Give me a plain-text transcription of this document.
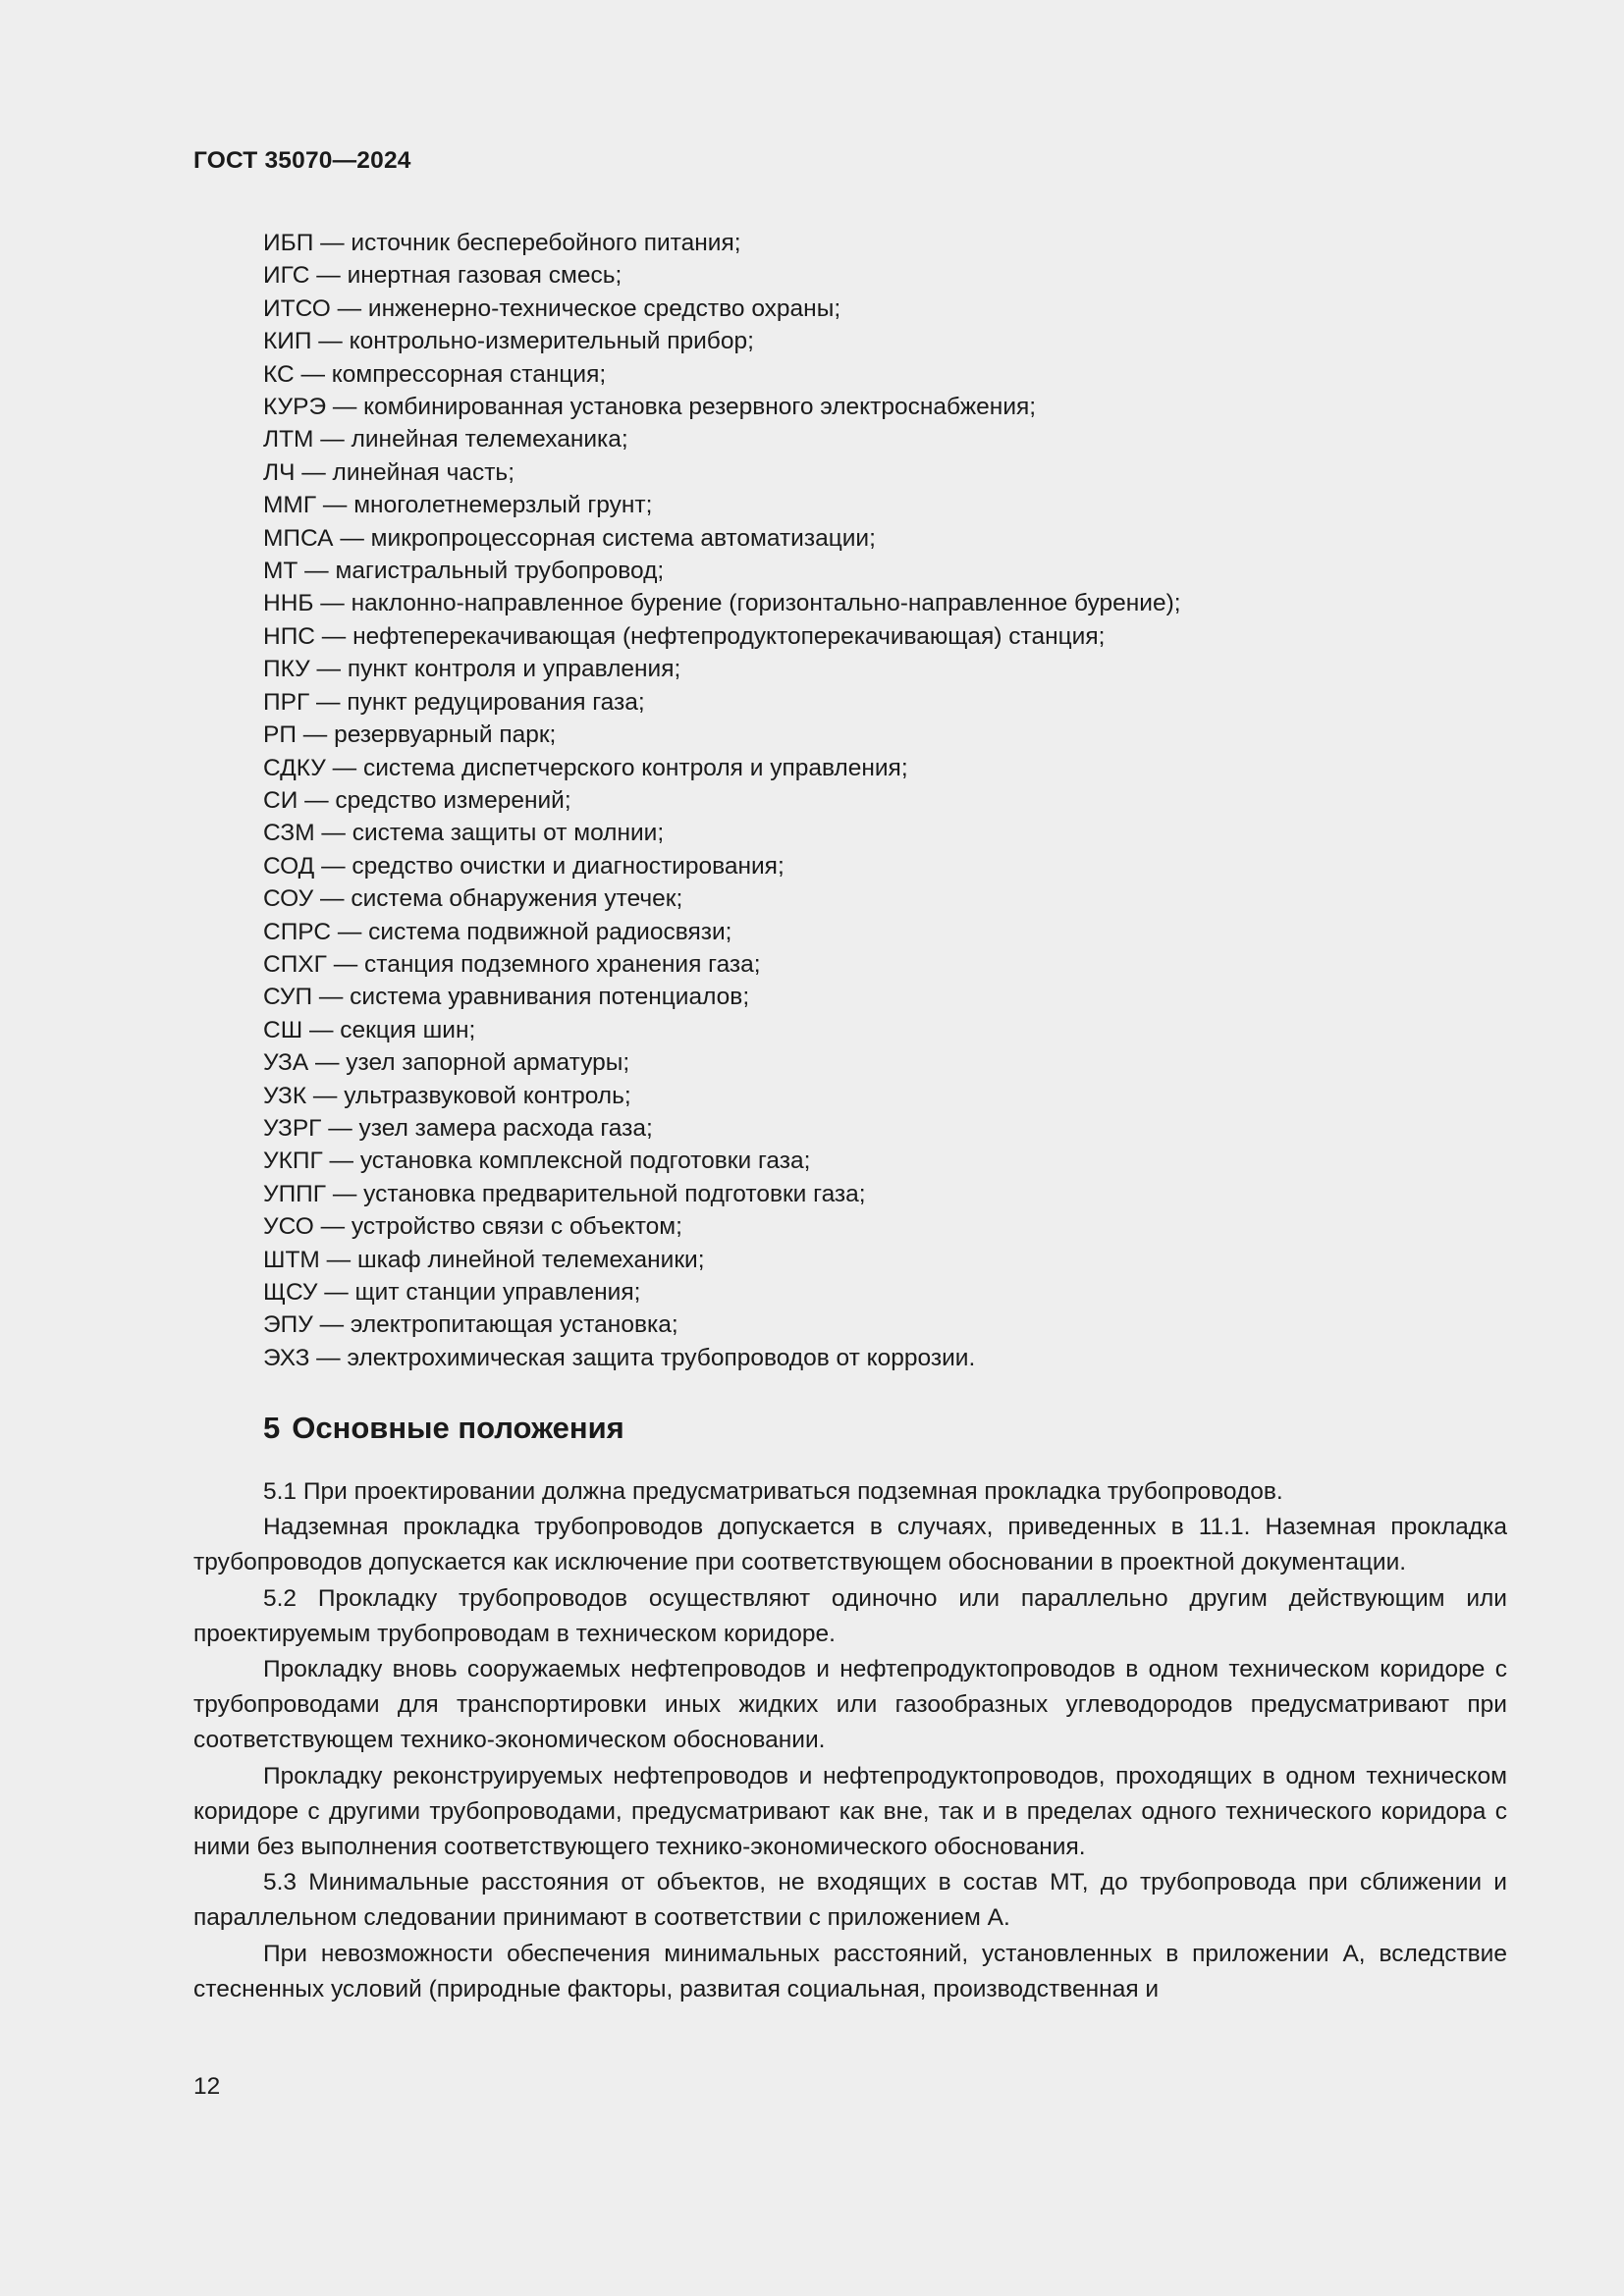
ГОСТ 35070—2024
ИБП — источник бесперебойного питания;
ИГС — инертная газовая смесь;
ИТСО — инженерно-техническое средство охраны;
КИП — контрольно-измерительный прибор;
КС — компрессорная станция;
КУРЭ — комбинированная установка резервного электроснабжения;
ЛТМ — линейная телемеханика;
ЛЧ — линейная часть;
ММГ — многолетнемерзлый грунт;
МПСА — микропроцессорная система автоматизации;
МТ — магистральный трубопровод;
ННБ — наклонно-направленное бурение (горизонтально-направленное бурение);
НПС — нефтеперекачивающая (нефтепродуктоперекачивающая) станция;
ПКУ — пункт контроля и управления;
ПРГ — пункт редуцирования газа;
РП — резервуарный парк;
СДКУ — система диспетчерского контроля и управления;
СИ — средство измерений;
СЗМ — система защиты от молнии;
СОД — средство очистки и диагностирования;
СОУ — система обнаружения утечек;
СПРС — система подвижной радиосвязи;
СПХГ — станция подземного хранения газа;
СУП — система уравнивания потенциалов;
СШ — секция шин;
УЗА — узел запорной арматуры;
УЗК — ультразвуковой контроль;
УЗРГ — узел замера расхода газа;
УКПГ — установка комплексной подготовки газа;
УППГ — установка предварительной подготовки газа;
УСО — устройство связи с объектом;
ШТМ — шкаф линейной телемеханики;
ЩСУ — щит станции управления;
ЭПУ — электропитающая установка;
ЭХЗ — электрохимическая защита трубопроводов от коррозии.
5 Основные положения

5.1 При проектировании должна предусматриваться подземная прокладка трубопроводов.

Надземная прокладка трубопроводов допускается в случаях, приведенных в 11.1. Наземная прокладка трубопроводов допускается как исключение при соответствующем обосновании в проектной документации.

5.2 Прокладку трубопроводов осуществляют одиночно или параллельно другим действующим или проектируемым трубопроводам в техническом коридоре.

Прокладку вновь сооружаемых нефтепроводов и нефтепродуктопроводов в одном техническом коридоре с трубопроводами для транспортировки иных жидких или газообразных углеводородов предусматривают при соответствующем технико-экономическом обосновании.

Прокладку реконструируемых нефтепроводов и нефтепродуктопроводов, проходящих в одном техническом коридоре с другими трубопроводами, предусматривают как вне, так и в пределах одного технического коридора с ними без выполнения соответствующего технико-экономического обоснования.

5.3 Минимальные расстояния от объектов, не входящих в состав МТ, до трубопровода при сближении и параллельном следовании принимают в соответствии с приложением А.

При невозможности обеспечения минимальных расстояний, установленных в приложении А, вследствие стесненных условий (природные факторы, развитая социальная, производственная и

12
